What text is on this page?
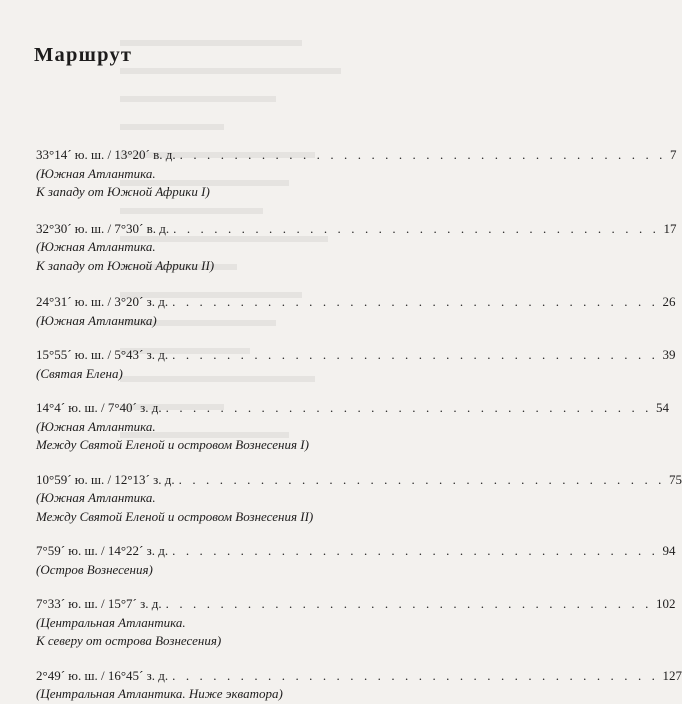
Маршрут
33°14´ ю. ш. / 13°20´ в. д. . . . . . . . . . . . . . . . . . . . . . . . . . . . . . . . . . . . . 7
(Южная Атлантика.
К западу от Южной Африки I)
32°30´ ю. ш. / 7°30´ в. д. . . . . . . . . . . . . . . . . . . . . . . . . . . . . . . . . . . . . 17
(Южная Атлантика.
К западу от Южной Африки II)
24°31´ ю. ш. / 3°20´ з. д. . . . . . . . . . . . . . . . . . . . . . . . . . . . . . . . . . . . . 26
(Южная Атлантика)
15°55´ ю. ш. / 5°43´ з. д. . . . . . . . . . . . . . . . . . . . . . . . . . . . . . . . . . . . . 39
(Святая Елена)
14°4´ ю. ш. / 7°40´ з. д. . . . . . . . . . . . . . . . . . . . . . . . . . . . . . . . . . . . . 54
(Южная Атлантика.
Между Святой Еленой и островом Вознесения I)
10°59´ ю. ш. / 12°13´ з. д. . . . . . . . . . . . . . . . . . . . . . . . . . . . . . . . . . . . . 75
(Южная Атлантика.
Между Святой Еленой и островом Вознесения II)
7°59´ ю. ш. / 14°22´ з. д. . . . . . . . . . . . . . . . . . . . . . . . . . . . . . . . . . . . . 94
(Остров Вознесения)
7°33´ ю. ш. / 15°7´ з. д. . . . . . . . . . . . . . . . . . . . . . . . . . . . . . . . . . . . . 102
(Центральная Атлантика.
К северу от острова Вознесения)
2°49´ ю. ш. / 16°45´ з. д. . . . . . . . . . . . . . . . . . . . . . . . . . . . . . . . . . . . . 127
(Центральная Атлантика. Ниже экватора)
